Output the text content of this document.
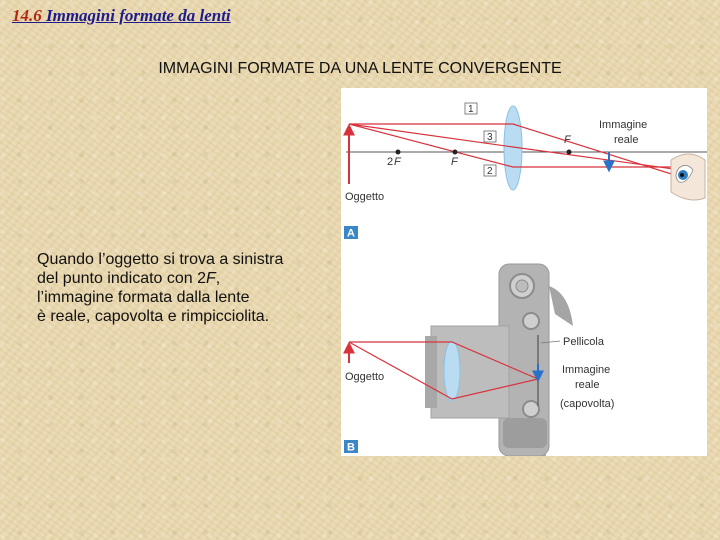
14.6 Immagini formate da lenti
IMMAGINI FORMATE DA UNA LENTE CONVERGENTE
Quando l’oggetto si trova a sinistra
del punto indicato con 2F,
l’immagine formata dalla lente
è reale, capovolta e rimpicciolita.
2 F	F
F
1
3
2
Oggetto
Immagine
reale
A
Oggetto
Pellicola
Immagine
reale
(capovolta)
B
